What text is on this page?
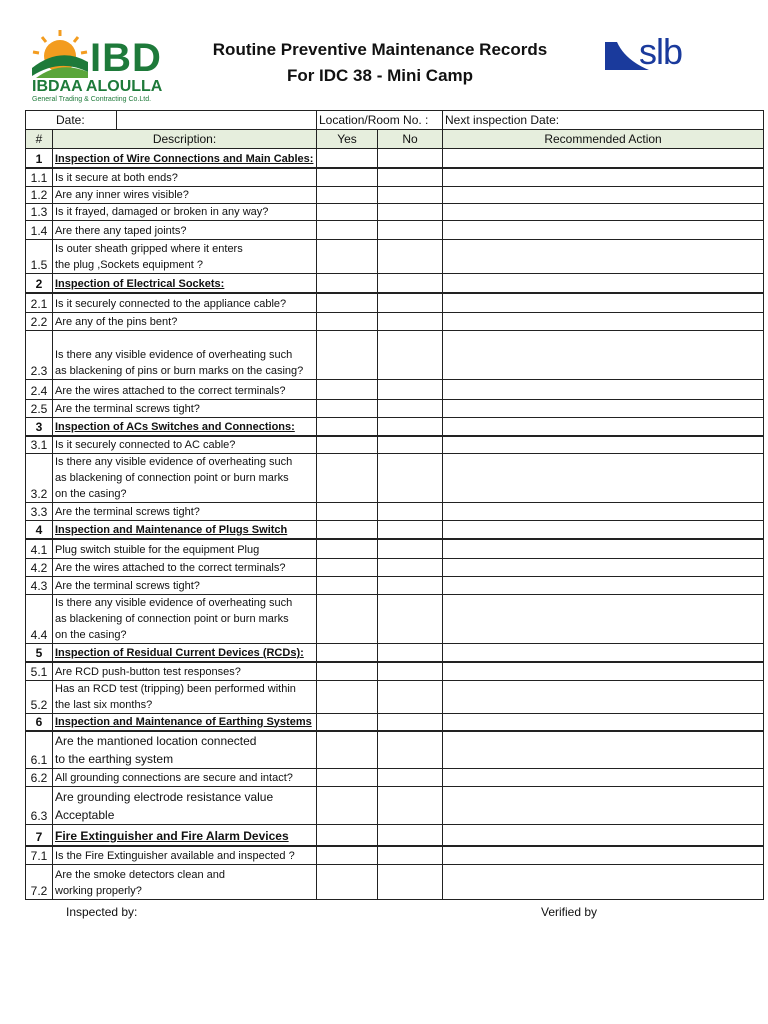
IBD
IBDAA ALOULLA
General Trading & Contracting Co.Ltd.
Routine Preventive Maintenance Records
For IDC 38 - Mini Camp
slb
Date:			Location/Room No. :		Next inspection Date:
#	Description:		Yes	No	Recommended Action
1	Inspection of Wire Connections and Main Cables:				
1.1	Is it secure at both ends?				

1.2	Are any inner wires visible?				

1.3	Is it frayed, damaged or broken in any way?				

1.4	Are there any taped joints?				

1.5	Is outer sheath gripped where it enters
the plug ,Sockets equipment ?				

2	Inspection of Electrical Sockets:				
2.1	Is it securely connected to the appliance cable?				

2.2	Are any of the pins bent?				

2.3	Is there any visible evidence of overheating such
as blackening of pins or burn marks on the casing?				

2.4	Are the wires attached to the correct terminals?				

2.5	Are the terminal screws tight?				

3	Inspection of ACs Switches and Connections:				
3.1	Is it securely connected to AC cable?				

3.2	Is there any visible evidence of overheating such
as blackening of connection point or burn marks
on the casing?				

3.3	Are the terminal screws tight?				

4	Inspection and Maintenance of Plugs Switch				
4.1	Plug switch stuible for the equipment Plug				

4.2	Are the wires attached to the correct terminals?				

4.3	Are the terminal screws tight?				

4.4	Is there any visible evidence of overheating such
as blackening of connection point or burn marks
on the casing?				

5	Inspection of Residual Current Devices (RCDs):				
5.1	Are RCD push-button test responses?				

5.2	Has an RCD test (tripping) been performed within
the last six months?				

6	Inspection and Maintenance of Earthing Systems				
6.1	Are the mantioned location connected
to the earthing system				

6.2	All grounding connections are secure and intact?				

6.3	Are grounding electrode resistance value
Acceptable				

7	Fire Extinguisher and Fire Alarm Devices				
7.1	Is the Fire Extinguisher available and inspected ?				

7.2	Are the smoke detectors clean and
working properly?				

Inspected by:	Verified by
